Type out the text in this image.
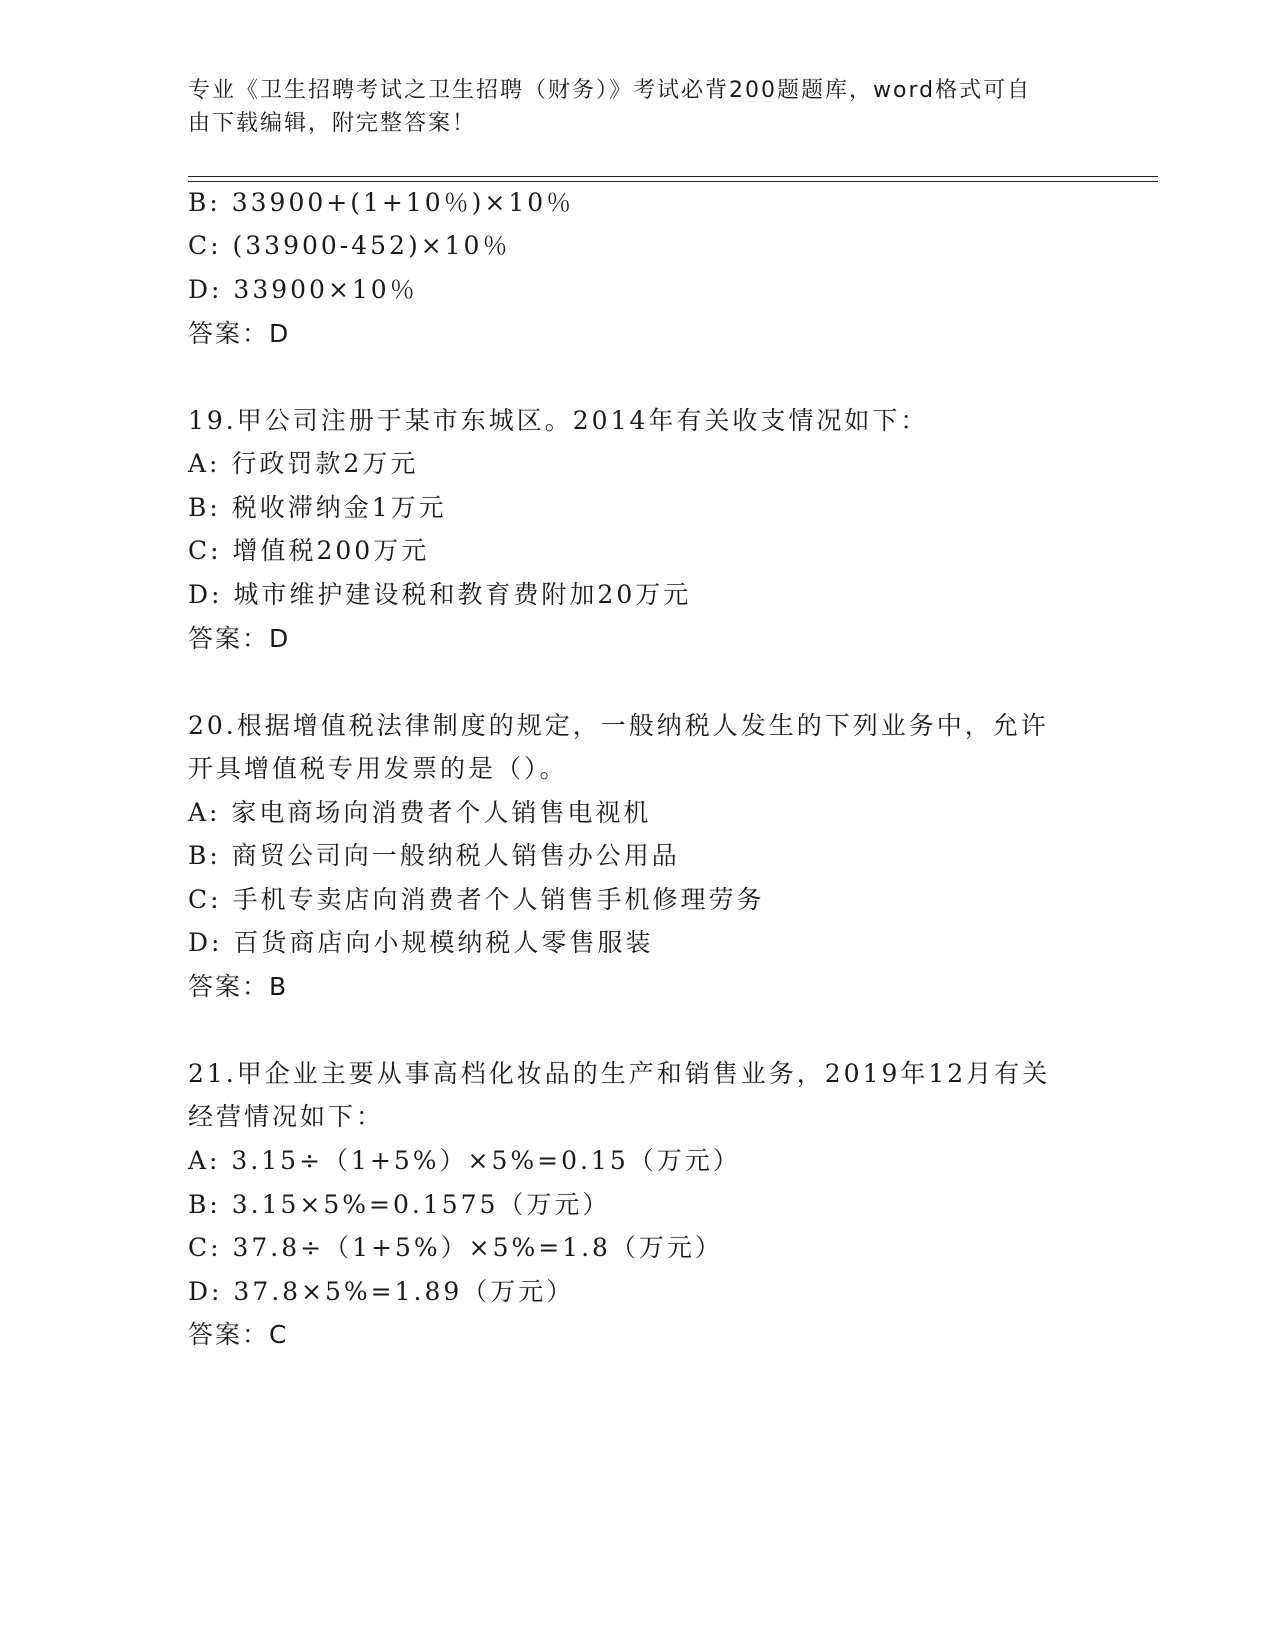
专业《卫生招聘考试之卫生招聘（财务）》考试必背200题题库，word格式可自
由下载编辑，附完整答案！
B: 33900+(1+10％)×10％
C: (33900-452)×10％
D: 33900×10％
答案：D
19.甲公司注册于某市东城区。2014年有关收支情况如下：
A: 行政罚款2万元
B: 税收滞纳金1万元
C: 增值税200万元
D: 城市维护建设税和教育费附加20万元
答案：D
20.根据增值税法律制度的规定，一般纳税人发生的下列业务中，允许
开具增值税专用发票的是（）。
A: 家电商场向消费者个人销售电视机
B: 商贸公司向一般纳税人销售办公用品
C: 手机专卖店向消费者个人销售手机修理劳务
D: 百货商店向小规模纳税人零售服装
答案：B
21.甲企业主要从事高档化妆品的生产和销售业务，2019年12月有关
经营情况如下：
A: 3.15÷（1+5%）×5%=0.15（万元）
B: 3.15×5%=0.1575（万元）
C: 37.8÷（1+5%）×5%=1.8（万元）
D: 37.8×5%=1.89（万元）
答案：C
